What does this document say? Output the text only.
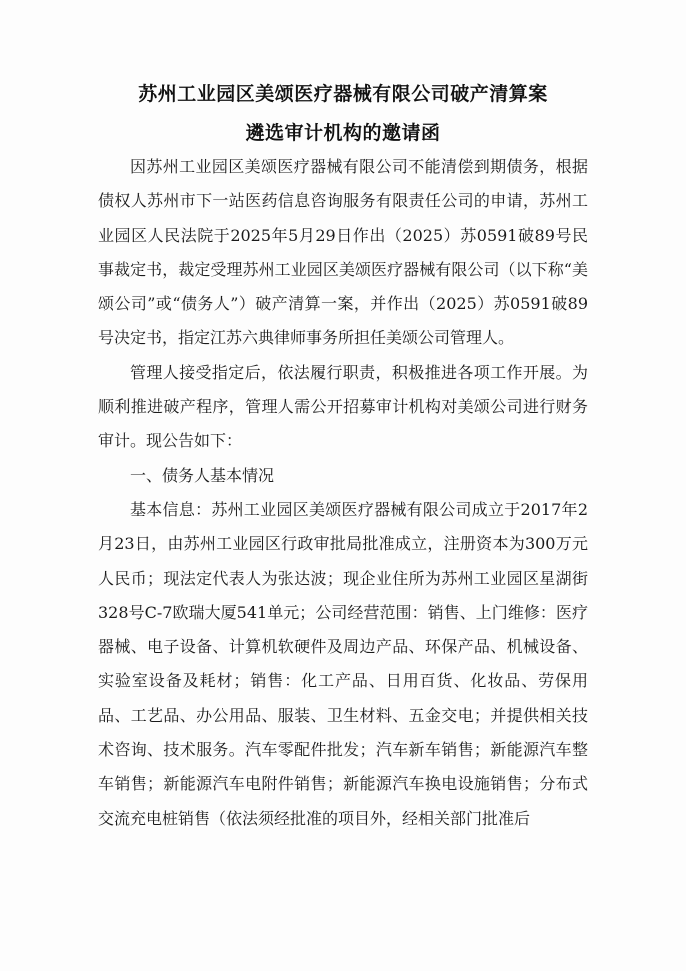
苏州工业园区美颂医疗器械有限公司破产清算案
遴选审计机构的邀请函

因苏州工业园区美颂医疗器械有限公司不能清偿到期债务，根据债权人苏州市下一站医药信息咨询服务有限责任公司的申请，苏州工业园区人民法院于2025年5月29日作出（2025）苏0591破89号民事裁定书，裁定受理苏州工业园区美颂医疗器械有限公司（以下称“美颂公司”或“债务人”）破产清算一案，并作出（2025）苏0591破89号决定书，指定江苏六典律师事务所担任美颂公司管理人。

管理人接受指定后，依法履行职责，积极推进各项工作开展。为顺利推进破产程序，管理人需公开招募审计机构对美颂公司进行财务审计。现公告如下：

一、债务人基本情况

基本信息：苏州工业园区美颂医疗器械有限公司成立于2017年2月23日，由苏州工业园区行政审批局批准成立，注册资本为300万元人民币；现法定代表人为张达波；现企业住所为苏州工业园区星湖街328号C-7欧瑞大厦541单元；公司经营范围：销售、上门维修：医疗器械、电子设备、计算机软硬件及周边产品、环保产品、机械设备、实验室设备及耗材；销售：化工产品、日用百货、化妆品、劳保用品、工艺品、办公用品、服装、卫生材料、五金交电；并提供相关技术咨询、技术服务。汽车零配件批发；汽车新车销售；新能源汽车整车销售；新能源汽车电附件销售；新能源汽车换电设施销售；分布式交流充电桩销售（依法须经批准的项目外，经相关部门批准后
